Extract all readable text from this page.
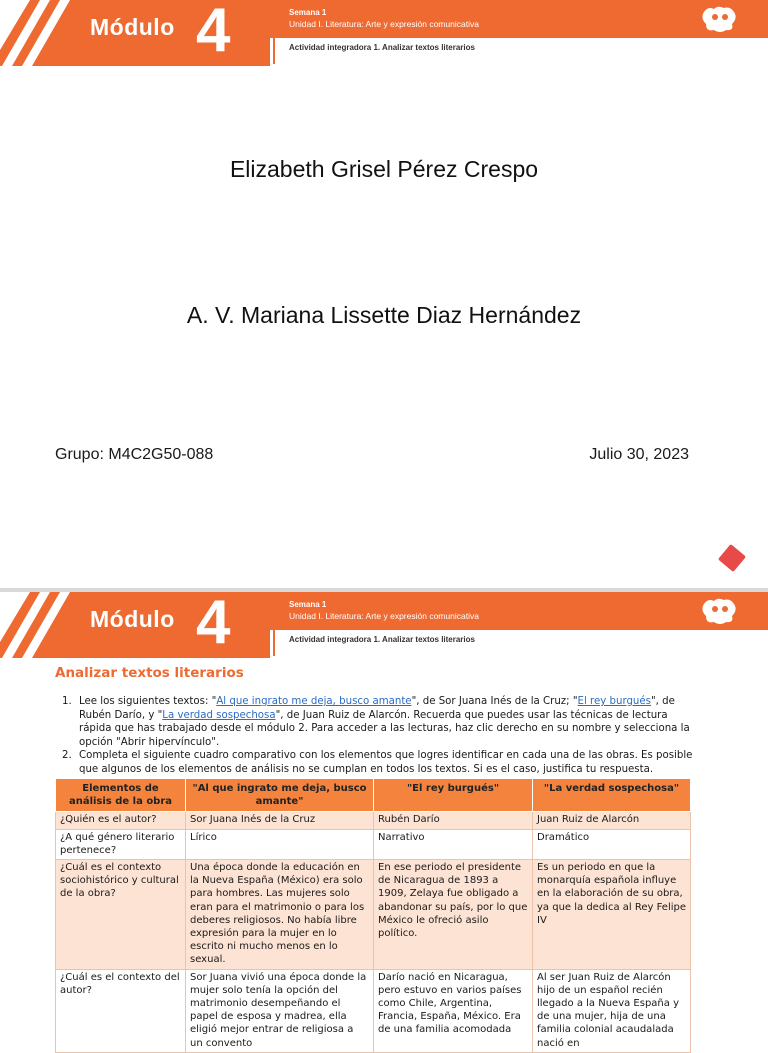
Módulo 4	Semana 1
Unidad I. Literatura: Arte y expresión comunicativa
Actividad integradora 1. Analizar textos literarios
Elizabeth Grisel Pérez Crespo
A. V. Mariana Lissette Diaz Hernández
Grupo: M4C2G50-088	Julio 30, 2023
Módulo 4	Semana 1
Unidad I. Literatura: Arte y expresión comunicativa
Actividad integradora 1. Analizar textos literarios
Analizar textos literarios
1. Lee los siguientes textos: "Al que ingrato me deja, busco amante", de Sor Juana Inés de la Cruz; "El rey burgués", de Rubén Darío, y "La verdad sospechosa", de Juan Ruiz de Alarcón. Recuerda que puedes usar las técnicas de lectura rápida que has trabajado desde el módulo 2. Para acceder a las lecturas, haz clic derecho en su nombre y selecciona la opción "Abrir hipervínculo".
2. Completa el siguiente cuadro comparativo con los elementos que logres identificar en cada una de las obras. Es posible que algunos de los elementos de análisis no se cumplan en todos los textos. Si es el caso, justifica tu respuesta.
Elementos de análisis de la obra	"Al que ingrato me deja, busco amante"	"El rey burgués"	"La verdad sospechosa"
¿Quién es el autor?	Sor Juana Inés de la Cruz	Rubén Darío	Juan Ruiz de Alarcón
¿A qué género literario pertenece?	Lírico	Narrativo	Dramático
¿Cuál es el contexto sociohistórico y cultural de la obra?	Una época donde la educación en la Nueva España (México) era solo para hombres. Las mujeres solo eran para el matrimonio o para los deberes religiosos. No había libre expresión para la mujer en lo escrito ni mucho menos en lo sexual.	En ese periodo el presidente de Nicaragua de 1893 a 1909, Zelaya fue obligado a abandonar su país, por lo que México le ofreció asilo político.	Es un periodo en que la monarquía española influye en la elaboración de su obra, ya que la dedica al Rey Felipe IV
¿Cuál es el contexto del autor?	Sor Juana vivió una época donde la mujer solo tenía la opción del matrimonio desempeñando el papel de esposa y madrea, ella eligió mejor entrar de religiosa a un convento	Darío nació en Nicaragua, pero estuvo en varios países como Chile, Argentina, Francia, España, México. Era de una familia acomodada	Al ser Juan Ruiz de Alarcón hijo de un español recién llegado a la Nueva España y de una mujer, hija de una familia colonial acaudalada nació en
